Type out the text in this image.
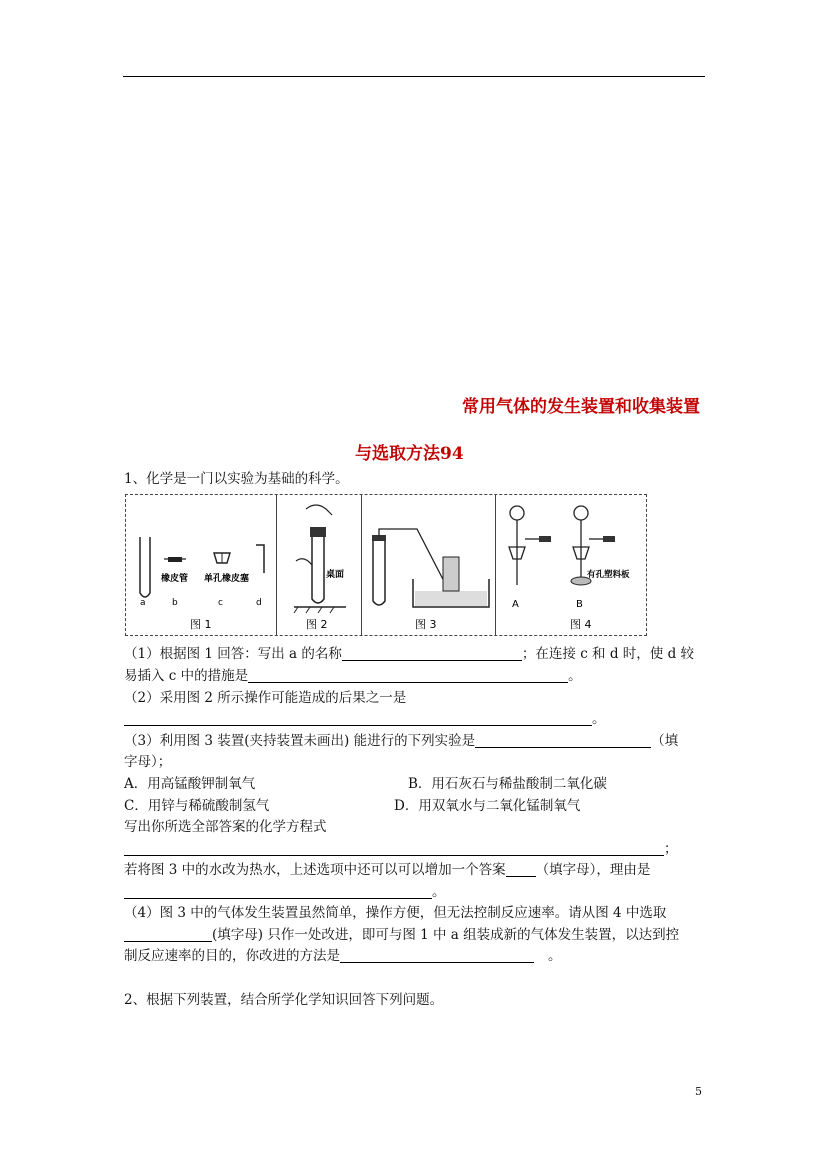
常用气体的发生装置和收集装置
与选取方法94
1、化学是一门以实验为基础的科学。
橡皮管 单孔橡皮塞
a	b	c	d
图 1
桌面
图 2	图 3
有孔塑料板
A	B
图 4
（1）根据图 1 回答：写出 a 的名称	；在连接 c 和 d 时，使 d 较
易插入 c 中的措施是	。
（2）采用图 2 所示操作可能造成的后果之一是
。
（3）利用图 3 装置(夹持装置未画出) 能进行的下列实验是	（填
字母）；
A．用高锰酸钾制氧气	B．用石灰石与稀盐酸制二氧化碳
C．用锌与稀硫酸制氢气	D．用双氧水与二氧化锰制氧气
写出你所选全部答案的化学方程式
；
若将图 3 中的水改为热水，上述选项中还可以可以增加一个答案 （填字母），理由是
。
（4）图 3 中的气体发生装置虽然简单，操作方便，但无法控制反应速率。请从图 4 中选取
(填字母) 只作一处改进，即可与图 1 中 a 组装成新的气体发生装置，以达到控
制反应速率的目的，你改进的方法是	。
2、根据下列装置，结合所学化学知识回答下列问题。
5
